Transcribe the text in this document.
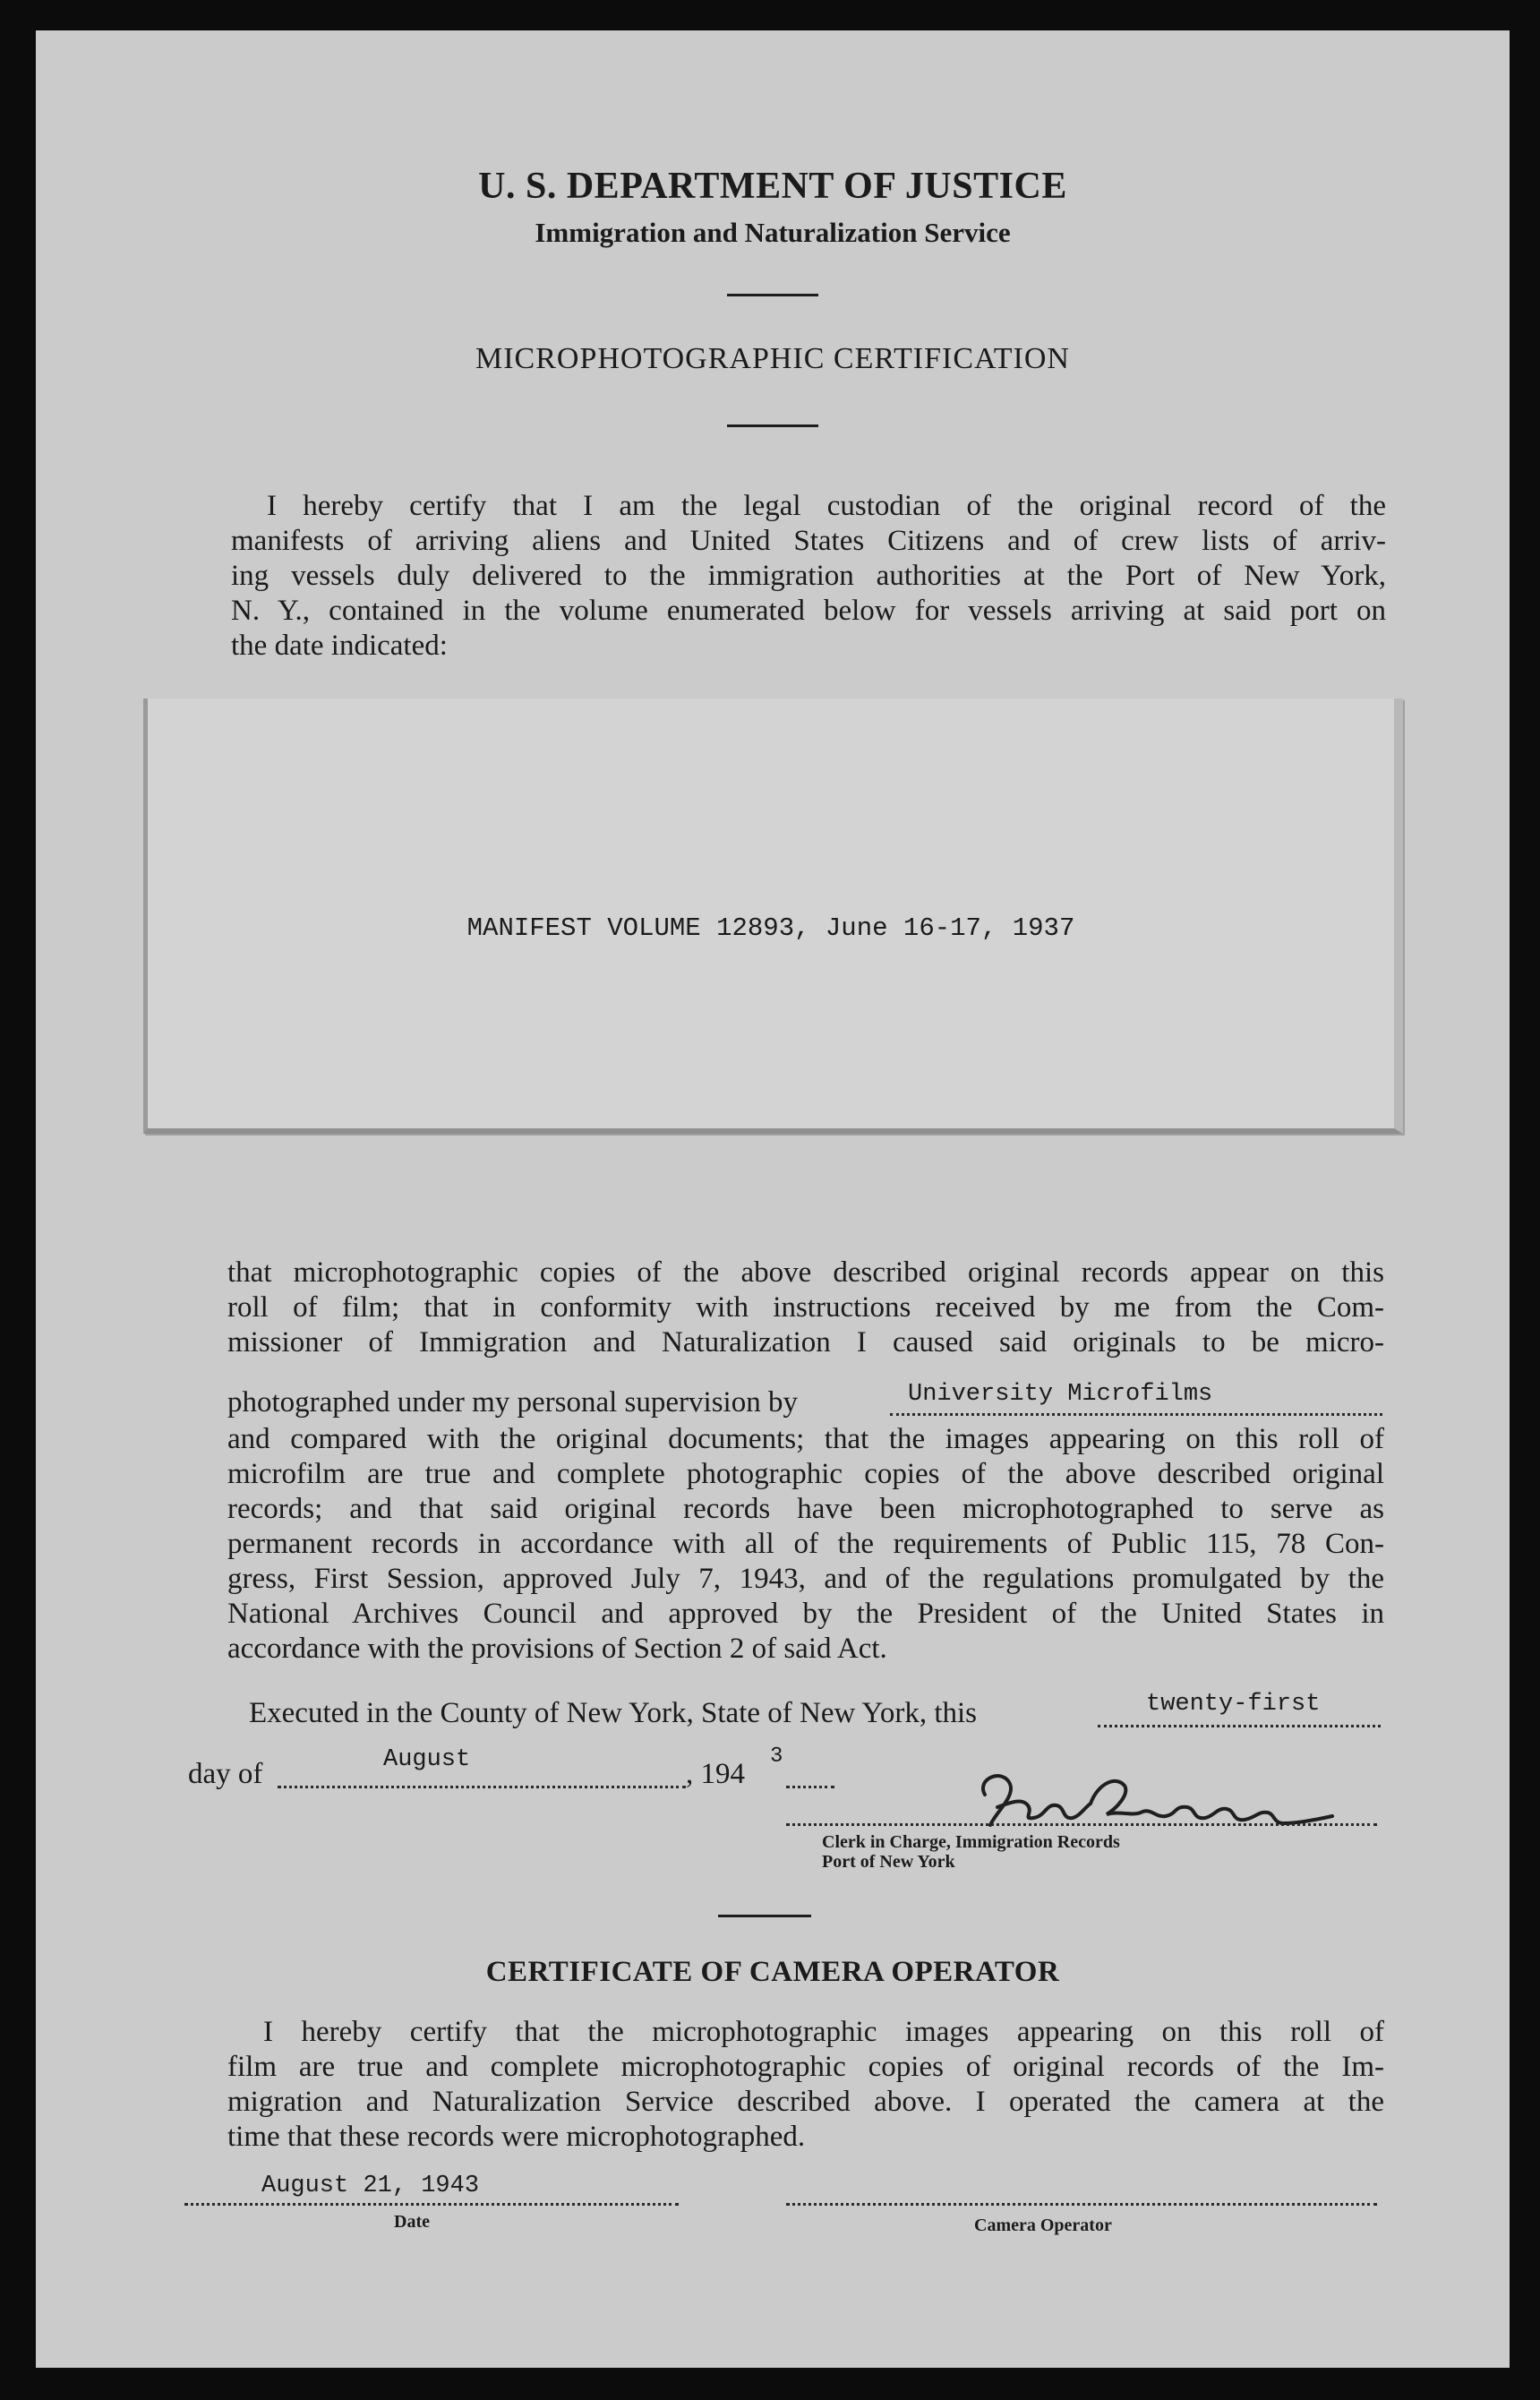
U. S. DEPARTMENT OF JUSTICE
Immigration and Naturalization Service
MICROPHOTOGRAPHIC CERTIFICATION
I hereby certify that I am the legal custodian of the original record of the
manifests of arriving aliens and United States Citizens and of crew lists of arriv-
ing vessels duly delivered to the immigration authorities at the Port of New York,
N. Y., contained in the volume enumerated below for vessels arriving at said port on
the date indicated:
MANIFEST VOLUME 12893, June 16-17, 1937
that microphotographic copies of the above described original records appear on this
roll of film; that in conformity with instructions received by me from the Com-
missioner of Immigration and Naturalization I caused said originals to be micro-
photographed under my personal supervision by	University Microfilms
and compared with the original documents; that the images appearing on this roll of
microfilm are true and complete photographic copies of the above described original
records; and that said original records have been microphotographed to serve as
permanent records in accordance with all of the requirements of Public 115, 78 Con-
gress, First Session, approved July 7, 1943, and of the regulations promulgated by the
National Archives Council and approved by the President of the United States in
accordance with the provisions of Section 2 of said Act.
Executed in the County of New York, State of New York, this	twenty-first
day of	August	, 194
3
Clerk in Charge, Immigration Records
Port of New York
CERTIFICATE OF CAMERA OPERATOR
I hereby certify that the microphotographic images appearing on this roll of
film are true and complete microphotographic copies of original records of the Im-
migration and Naturalization Service described above. I operated the camera at the
time that these records were microphotographed.
August 21, 1943
Date	Camera Operator
